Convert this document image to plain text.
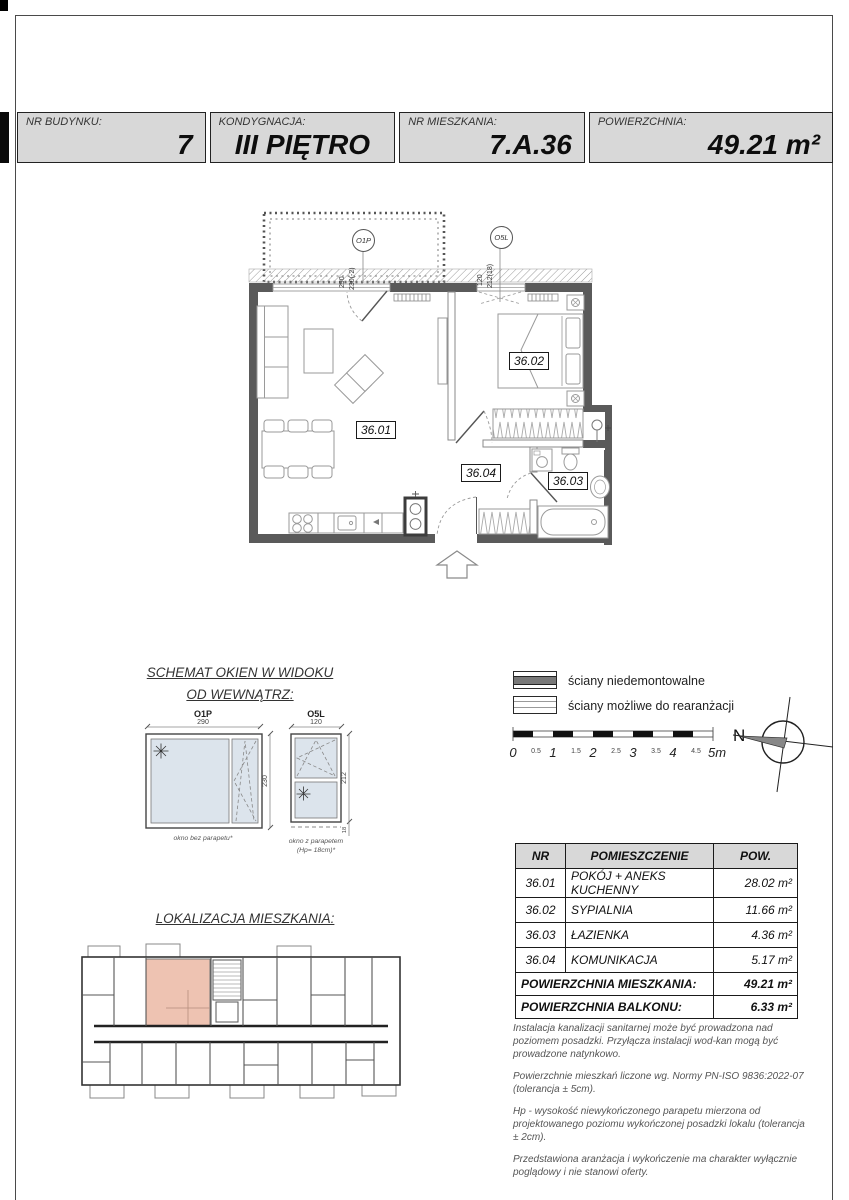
NR BUDYNKU:
7
KONDYGNACJA:
III PIĘTRO
NR MIESZKANIA:
7.A.36
POWIERZCHNIA:
49.21 m²
36.01
36.02
36.03
36.04
O1P
290 230(-2)
O5L
120 212(18)
SCHEMAT OKIEN W WIDOKU
OD WEWNĄTRZ:
O1P
290
230
okno bez parapetu*
O5L
120
212
18
okno z parapetem
(Hp= 18cm)*
ściany niedemontowalne
ściany możliwe do rearanżacji
0	1	2	3	4
0.5	1.5	2.5	3.5	4.5 5m
N
LOKALIZACJA MIESZKANIA:
NR	POMIESZCZENIE	POW.
36.01	POKÓJ + ANEKS KUCHENNY	28.02 m²
36.02	SYPIALNIA	11.66 m²
36.03	ŁAZIENKA	4.36 m²
36.04	KOMUNIKACJA	5.17 m²
POWIERZCHNIA MIESZKANIA:		49.21 m²
POWIERZCHNIA BALKONU:		6.33 m²

Instalacja kanalizacji sanitarnej może być prowadzona nad poziomem posadzki. Przyłącza instalacji wod-kan mogą być prowadzone natynkowo.

Powierzchnie mieszkań liczone wg. Normy PN-ISO 9836:2022-07 (tolerancja ± 5cm).

Hp - wysokość niewykończonego parapetu mierzona od projektowanego poziomu wykończonej posadzki lokalu (tolerancja ± 2cm).

Przedstawiona aranżacja i wykończenie ma charakter wyłącznie poglądowy i nie stanowi oferty.
